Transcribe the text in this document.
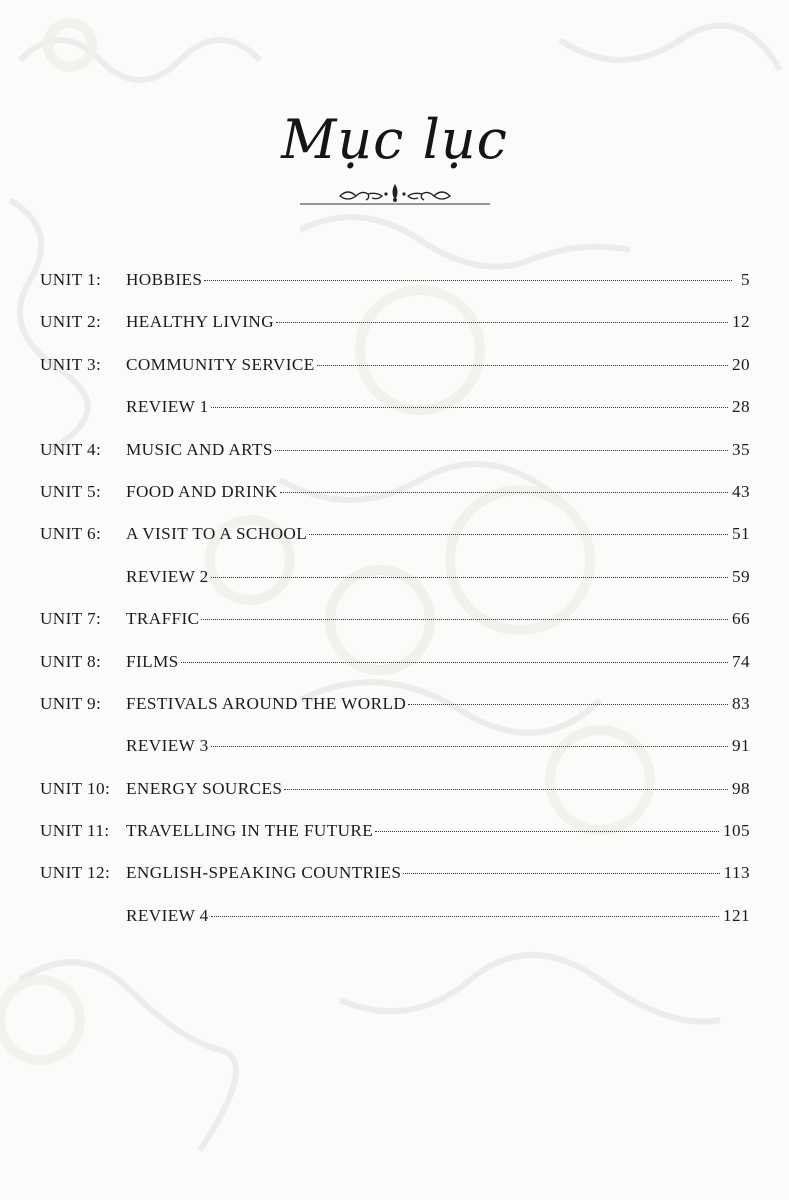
Mục lục
UNIT 1:	HOBBIES	5
UNIT 2:	HEALTHY LIVING	12
UNIT 3:	COMMUNITY SERVICE	20
REVIEW 1	28
UNIT 4:	MUSIC AND ARTS	35
UNIT 5:	FOOD AND DRINK	43
UNIT 6:	A VISIT TO A SCHOOL	51
REVIEW 2	59
UNIT 7:	TRAFFIC	66
UNIT 8:	FILMS	74
UNIT 9:	FESTIVALS AROUND THE WORLD	83
REVIEW 3	91
UNIT 10: ENERGY SOURCES	98
UNIT 11: TRAVELLING IN THE FUTURE	105
UNIT 12: ENGLISH-SPEAKING COUNTRIES	113
REVIEW 4	121
